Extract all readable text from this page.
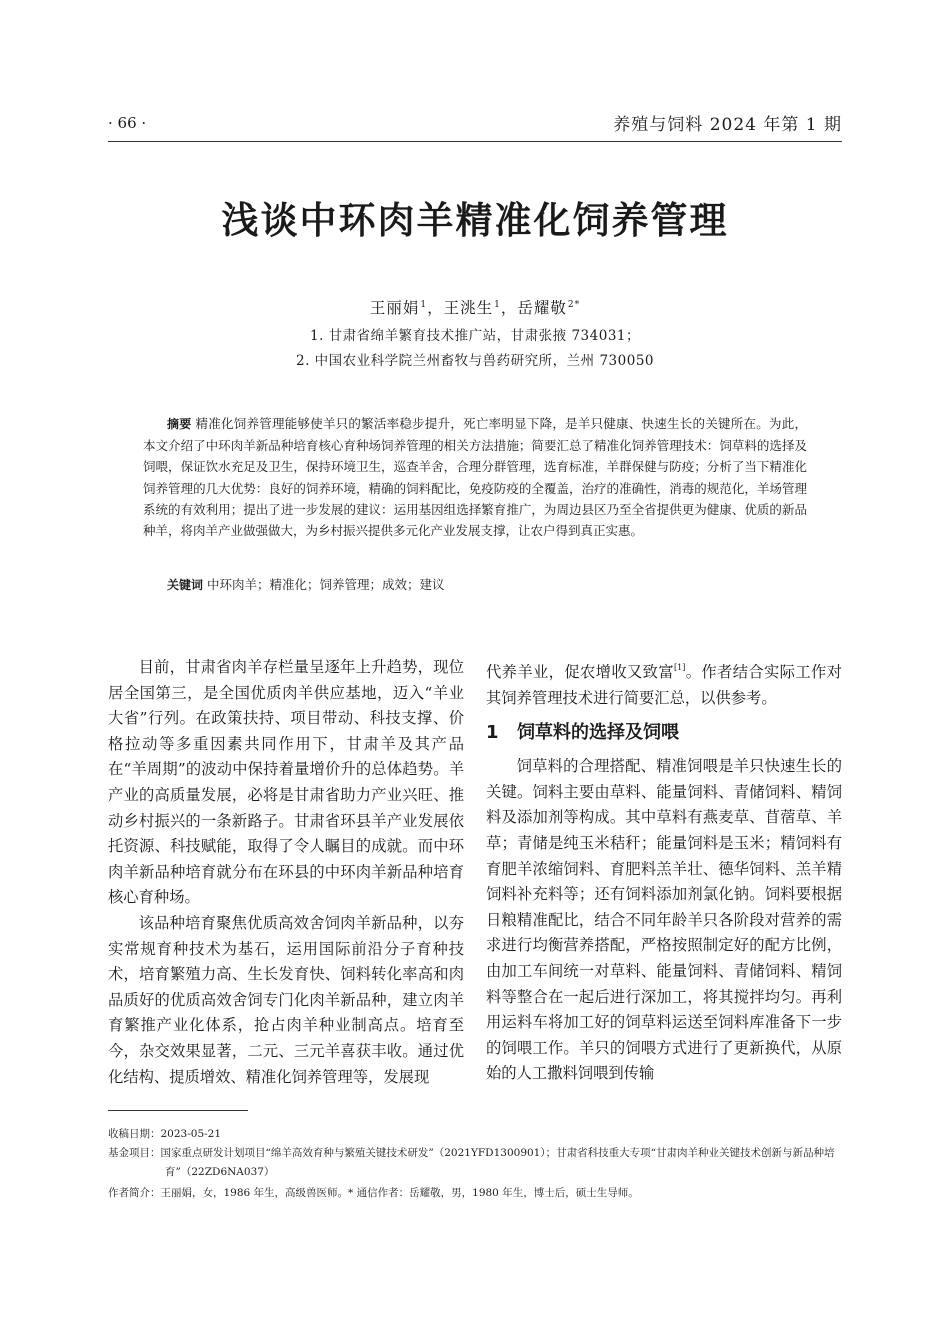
· 66 ·	养殖与饲料 2024 年第 1 期
浅谈中环肉羊精准化饲养管理
王丽娟$^1$，王洮生$^1$，岳耀敬$^{2*}$
1. 甘肃省绵羊繁育技术推广站，甘肃张掖 734031；
2. 中国农业科学院兰州畜牧与兽药研究所，兰州 730050
摘要 精准化饲养管理能够使羊只的繁活率稳步提升，死亡率明显下降，是羊只健康、快速生长的关键所在。为此，本文介绍了中环肉羊新品种培育核心育种场饲养管理的相关方法措施；简要汇总了精准化饲养管理技术：饲草料的选择及饲喂，保证饮水充足及卫生，保持环境卫生，巡查羊舍，合理分群管理，选育标准，羊群保健与防疫；分析了当下精准化饲养管理的几大优势：良好的饲养环境，精确的饲料配比，免疫防疫的全覆盖，治疗的准确性，消毒的规范化，羊场管理系统的有效利用；提出了进一步发展的建议：运用基因组选择繁育推广，为周边县区乃至全省提供更为健康、优质的新品种羊，将肉羊产业做强做大，为乡村振兴提供多元化产业发展支撑，让农户得到真正实惠。
关键词 中环肉羊；精准化；饲养管理；成效；建议

目前，甘肃省肉羊存栏量呈逐年上升趋势，现位居全国第三，是全国优质肉羊供应基地，迈入“羊业大省”行列。在政策扶持、项目带动、科技支撑、价格拉动等多重因素共同作用下，甘肃羊及其产品在“羊周期”的波动中保持着量增价升的总体趋势。羊产业的高质量发展，必将是甘肃省助力产业兴旺、推动乡村振兴的一条新路子。甘肃省环县羊产业发展依托资源、科技赋能，取得了令人瞩目的成就。而中环肉羊新品种培育就分布在环县的中环肉羊新品种培育核心育种场。

该品种培育聚焦优质高效舍饲肉羊新品种，以夯实常规育种技术为基石，运用国际前沿分子育种技术，培育繁殖力高、生长发育快、饲料转化率高和肉品质好的优质高效舍饲专门化肉羊新品种，建立肉羊育繁推产业化体系，抢占肉羊种业制高点。培育至今，杂交效果显著，二元、三元羊喜获丰收。通过优化结构、提质增效、精准化饲养管理等，发展现

代养羊业，促农增收又致富[1]。作者结合实际工作对其饲养管理技术进行简要汇总，以供参考。

1 饲草料的选择及饲喂

饲草料的合理搭配、精准饲喂是羊只快速生长的关键。饲料主要由草料、能量饲料、青储饲料、精饲料及添加剂等构成。其中草料有燕麦草、苜蓿草、羊草；青储是纯玉米秸秆；能量饲料是玉米；精饲料有育肥羊浓缩饲料、育肥料羔羊壮、德华饲料、羔羊精饲料补充料等；还有饲料添加剂氯化钠。饲料要根据日粮精准配比，结合不同年龄羊只各阶段对营养的需求进行均衡营养搭配，严格按照制定好的配方比例，由加工车间统一对草料、能量饲料、青储饲料、精饲料等整合在一起后进行深加工，将其搅拌均匀。再利用运料车将加工好的饲草料运送至饲料库准备下一步的饲喂工作。羊只的饲喂方式进行了更新换代，从原始的人工撒料饲喂到传输

收稿日期：2023-05-21
基金项目：国家重点研发计划项目“绵羊高效育种与繁殖关键技术研发”（2021YFD1300901）；甘肃省科技重大专项“甘肃肉羊种业关键技术创新与新品种培育”（22ZD6NA037）
作者简介：王丽娟，女，1986 年生，高级兽医师。* 通信作者：岳耀敬，男，1980 年生，博士后，硕士生导师。
